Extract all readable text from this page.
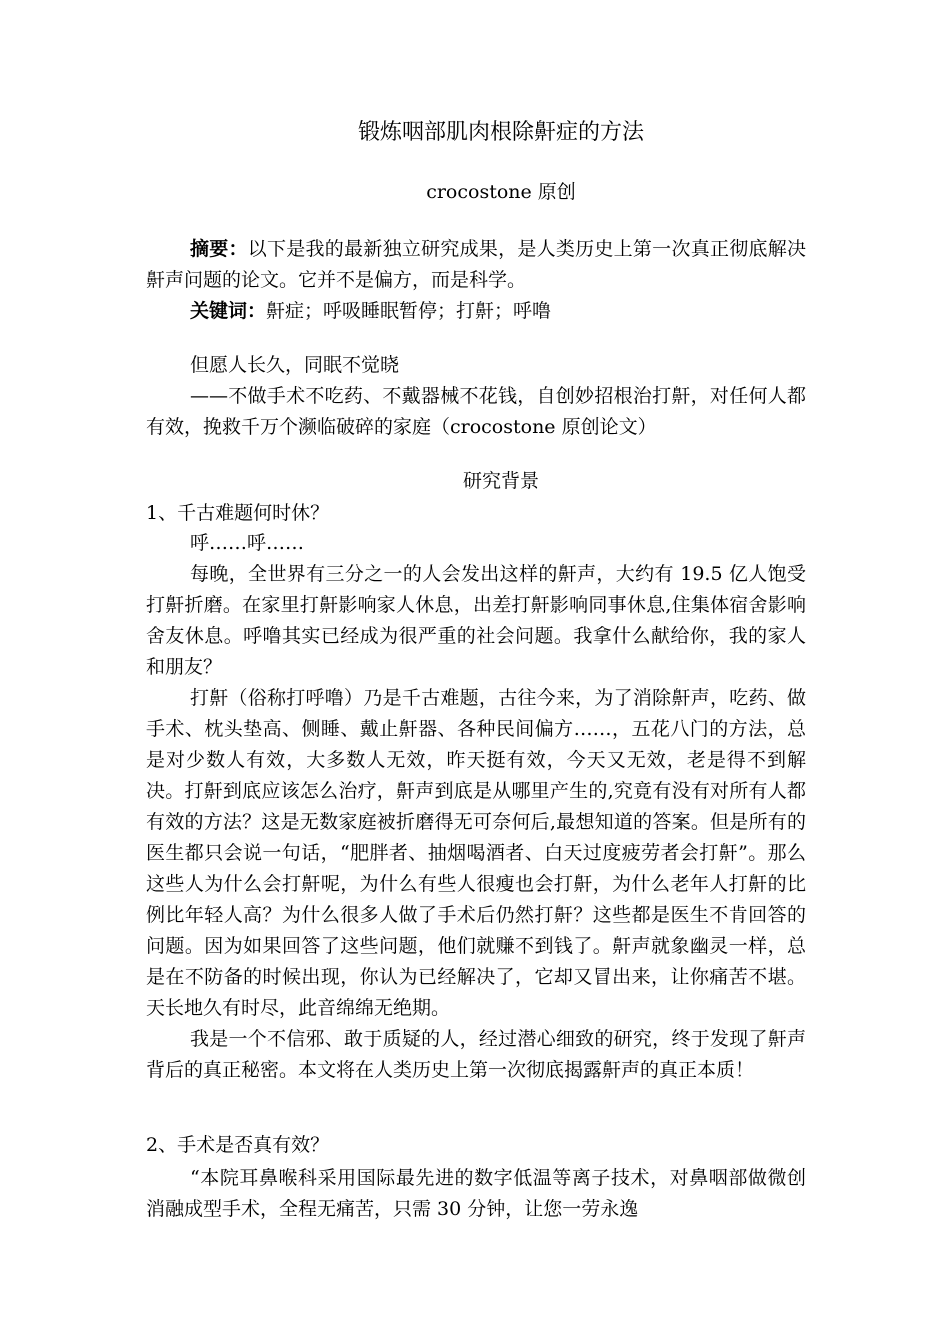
锻炼咽部肌肉根除鼾症的方法

crocostone 原创

摘要：以下是我的最新独立研究成果，是人类历史上第一次真正彻底解决鼾声问题的论文。它并不是偏方，而是科学。

关键词：鼾症；呼吸睡眠暂停；打鼾；呼噜

但愿人长久，同眠不觉晓

——不做手术不吃药、不戴器械不花钱，自创妙招根治打鼾，对任何人都有效，挽救千万个濒临破碎的家庭（crocostone 原创论文）

研究背景
1、千古难题何时休？

呼……呼……

每晚，全世界有三分之一的人会发出这样的鼾声，大约有 19.5 亿人饱受打鼾折磨。在家里打鼾影响家人休息，出差打鼾影响同事休息,住集体宿舍影响舍友休息。呼噜其实已经成为很严重的社会问题。我拿什么献给你，我的家人和朋友？

打鼾（俗称打呼噜）乃是千古难题，古往今来，为了消除鼾声，吃药、做手术、枕头垫高、侧睡、戴止鼾器、各种民间偏方……，五花八门的方法，总是对少数人有效，大多数人无效，昨天挺有效，今天又无效，老是得不到解决。打鼾到底应该怎么治疗，鼾声到底是从哪里产生的,究竟有没有对所有人都有效的方法？这是无数家庭被折磨得无可奈何后,最想知道的答案。但是所有的医生都只会说一句话，“肥胖者、抽烟喝酒者、白天过度疲劳者会打鼾”。那么这些人为什么会打鼾呢，为什么有些人很瘦也会打鼾，为什么老年人打鼾的比例比年轻人高？为什么很多人做了手术后仍然打鼾？这些都是医生不肯回答的问题。因为如果回答了这些问题，他们就赚不到钱了。鼾声就象幽灵一样，总是在不防备的时候出现，你认为已经解决了，它却又冒出来，让你痛苦不堪。天长地久有时尽，此音绵绵无绝期。

我是一个不信邪、敢于质疑的人，经过潜心细致的研究，终于发现了鼾声背后的真正秘密。本文将在人类历史上第一次彻底揭露鼾声的真正本质！

2、手术是否真有效？

“本院耳鼻喉科采用国际最先进的数字低温等离子技术，对鼻咽部做微创消融成型手术，全程无痛苦，只需 30 分钟，让您一劳永逸
